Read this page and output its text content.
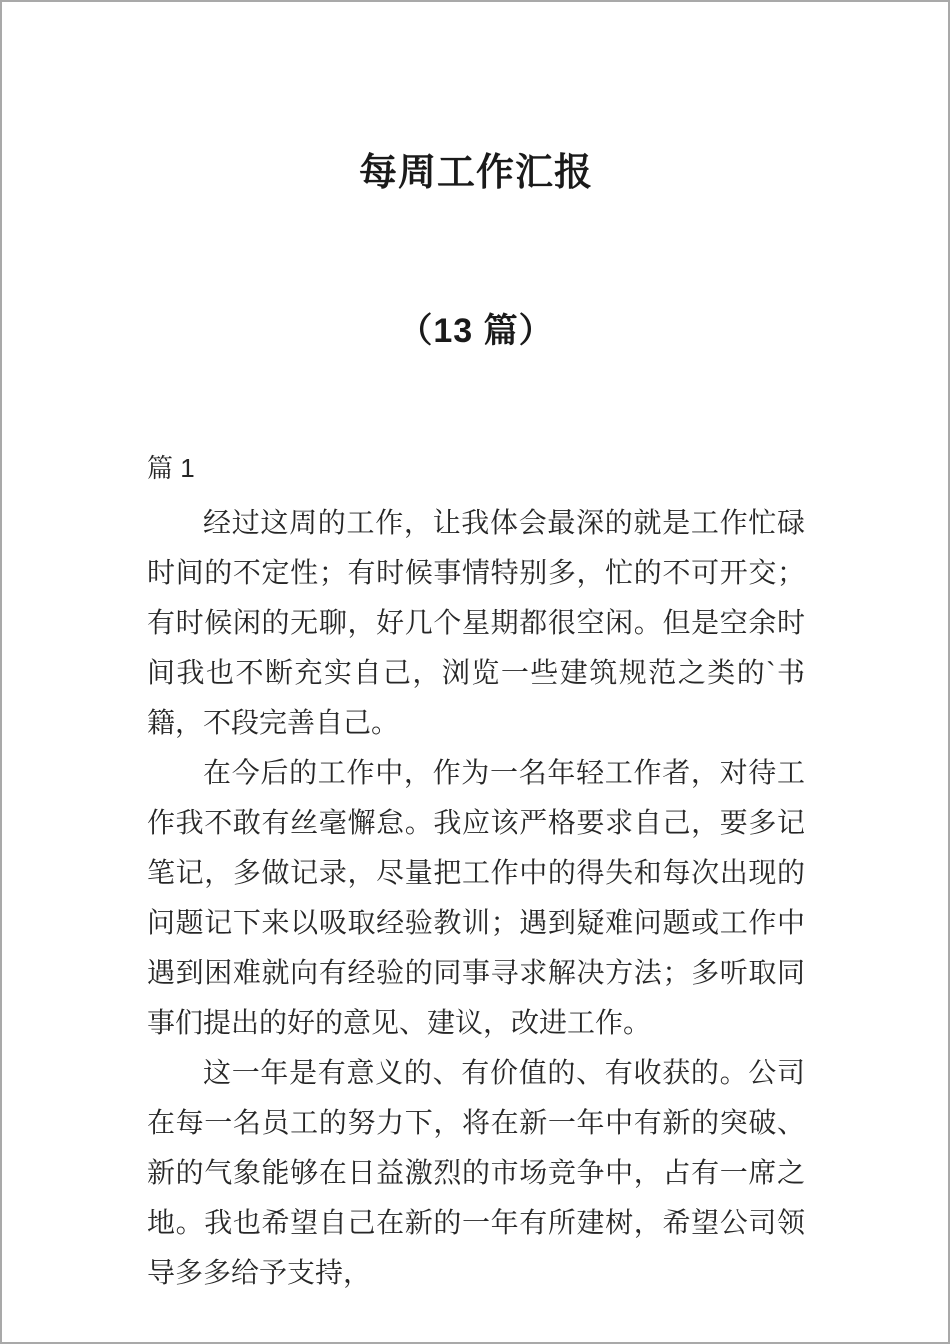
每周工作汇报
（13 篇）
篇 1

经过这周的工作，让我体会最深的就是工作忙碌时间的不定性；有时候事情特别多，忙的不可开交；有时候闲的无聊，好几个星期都很空闲。但是空余时间我也不断充实自己，浏览一些建筑规范之类的`书籍，不段完善自己。

在今后的工作中，作为一名年轻工作者，对待工作我不敢有丝毫懈怠。我应该严格要求自己，要多记笔记，多做记录，尽量把工作中的得失和每次出现的问题记下来以吸取经验教训；遇到疑难问题或工作中遇到困难就向有经验的同事寻求解决方法；多听取同事们提出的好的意见、建议，改进工作。

这一年是有意义的、有价值的、有收获的。公司在每一名员工的努力下，将在新一年中有新的突破、新的气象能够在日益激烈的市场竞争中，占有一席之地。我也希望自己在新的一年有所建树，希望公司领导多多给予支持，
